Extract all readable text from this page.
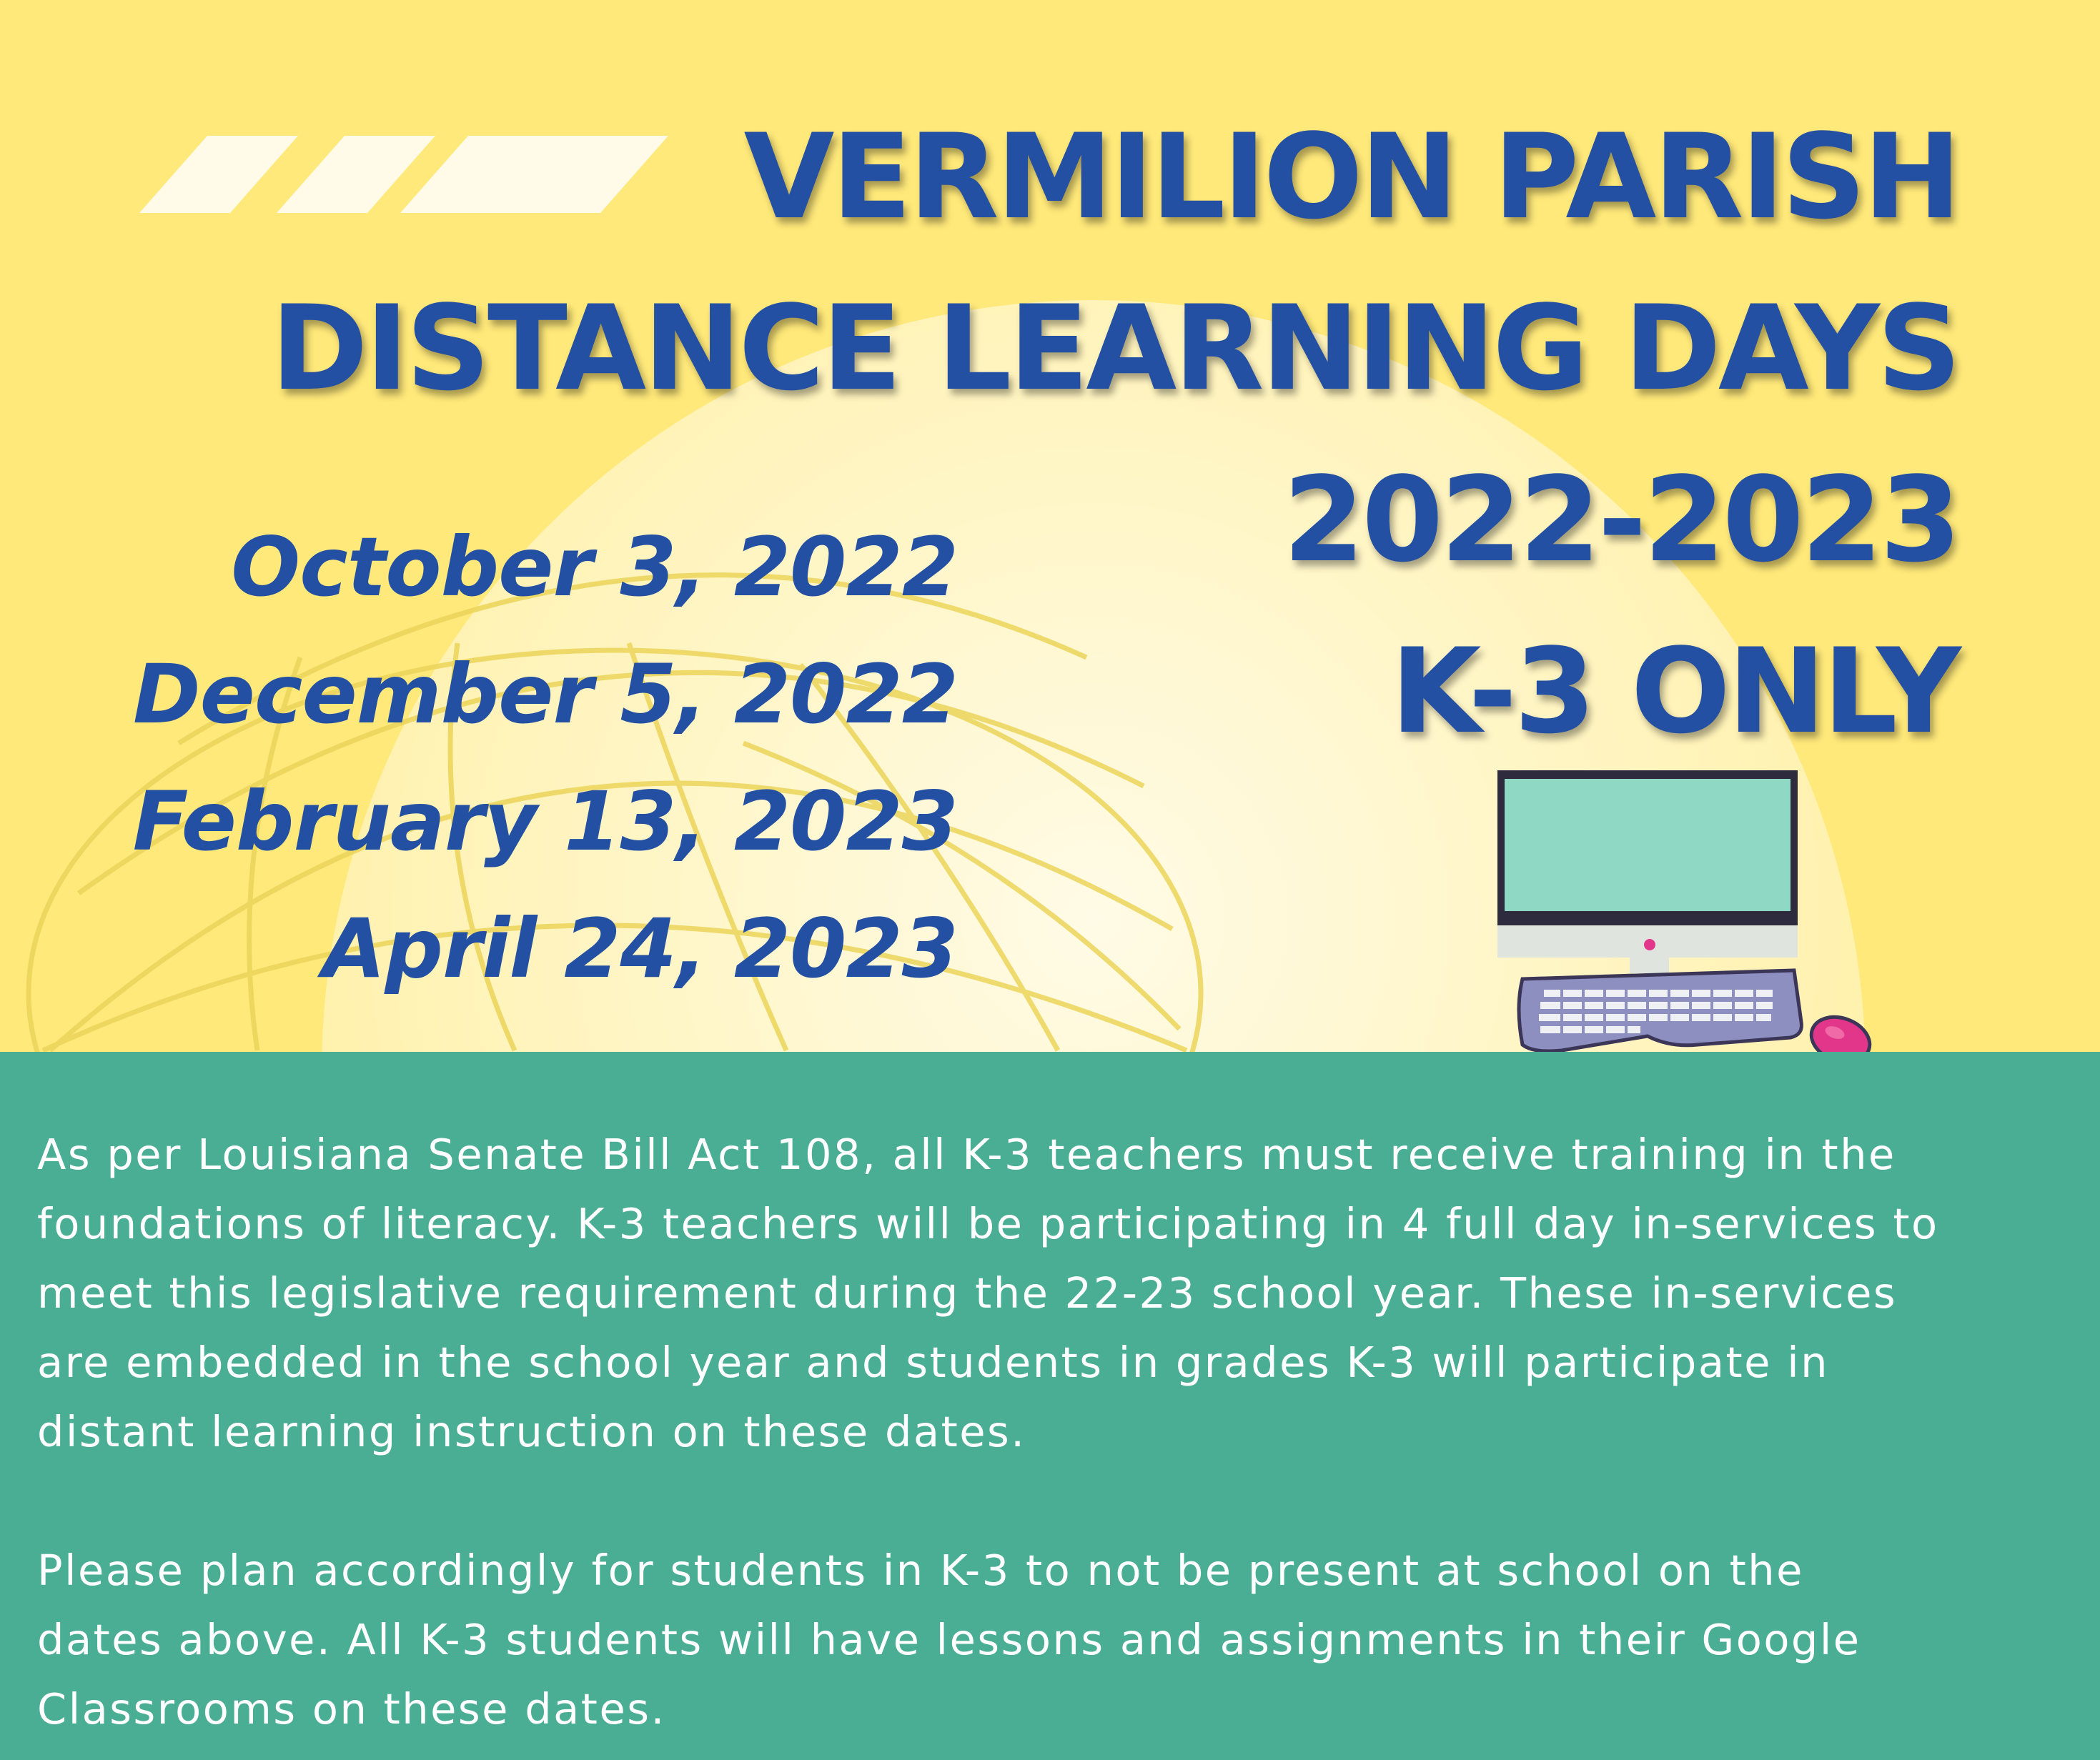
VERMILION PARISH
DISTANCE LEARNING DAYS
2022-2023
K-3 ONLY
October 3, 2022
December 5, 2022
February 13, 2023
April 24, 2023

As per Louisiana Senate Bill Act 108, all K-3 teachers must receive training in the

foundations of literacy. K-3 teachers will be participating in 4 full day in-services to

meet this legislative requirement during the 22-23 school year. These in-services

are embedded in the school year and students in grades K-3 will participate in

distant learning instruction on these dates.

Please plan accordingly for students in K-3 to not be present at school on the

dates above. All K-3 students will have lessons and assignments in their Google

Classrooms on these dates.
